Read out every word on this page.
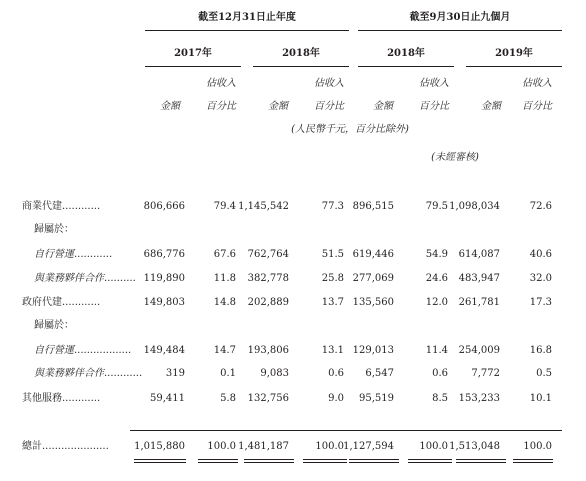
截至12月31日止年度	截至9月30日止九個月
2017年	2018年	2018年	2019年
佔收入	佔收入	佔收入	佔收入
金額	百分比	金額	百分比	金額	百分比	金額	百分比
(人民幣千元，百分比除外)
(未經審核)
商業代建............	806,666	79.4 1,145,542	77.3 896,515	79.5 1,098,034	72.6
歸屬於：
自行營運............	686,776	67.6	762,764	51.5 619,446	54.9	614,087	40.6
與業務夥伴合作.......... 119,890	11.8	382,778	25.8 277,069	24.6	483,947	32.0
政府代建............	149,803	14.8	202,889	13.7 135,560	12.0	261,781	17.3
歸屬於：
自行營運..................	149,484	14.7	193,806	13.1 129,013	11.4	254,009	16.8
與業務夥伴合作............	319	0.1	9,083	0.6	6,547	0.6	7,772	0.5
其他服務............	59,411	5.8	132,756	9.0	95,519	8.5	153,233	10.1
總計.....................	1,015,880	100.0 1,481,187	100.0 1,127,594	100.0 1,513,048	100.0
